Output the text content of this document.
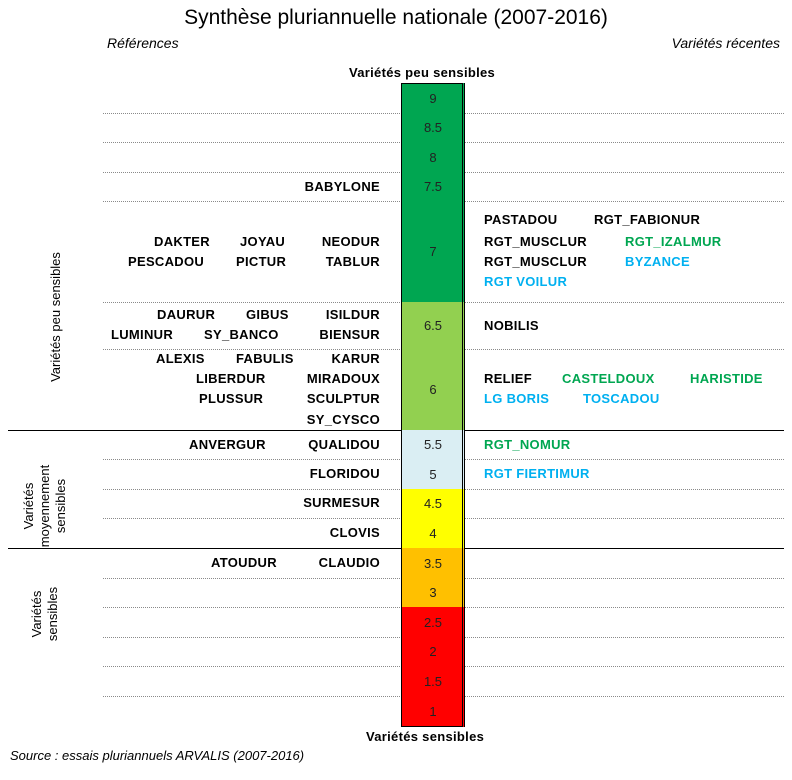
Synthèse pluriannuelle nationale (2007-2016)
Références	Variétés récentes
Variétés peu sensibles
Variétés sensibles
Source : essais pluriannuels ARVALIS (2007-2016)
9
8.5
8
7.5
7
6.5
6
5.5
5
4.5
4
3.5
3
2.5
2
1.5
1
Variétés peu sensibles
Variétés
moyennement
sensibles
Variétés
sensibles
BABYLONE
DAKTER JOYAU	NEODUR
PESCADOU PICTUR	TABLUR
DAURUR GIBUS	ISILDUR
LUMINUR SY_BANCO	BIENSUR
ALEXIS FABULIS	KARUR
LIBERDUR	MIRADOUX
PLUSSUR	SCULPTUR
SY_CYSCO
ANVERGUR	QUALIDOU
FLORIDOU
SURMESUR
CLOVIS
ATOUDUR	CLAUDIO
PASTADOU	RGT_FABIONUR
RGT_MUSCLUR	RGT_IZALMUR
RGT_MUSCLUR	BYZANCE
RGT VOILUR
NOBILIS
RELIEF CASTELDOUX	HARISTIDE
LG BORIS	TOSCADOU
RGT_NOMUR
RGT FIERTIMUR
